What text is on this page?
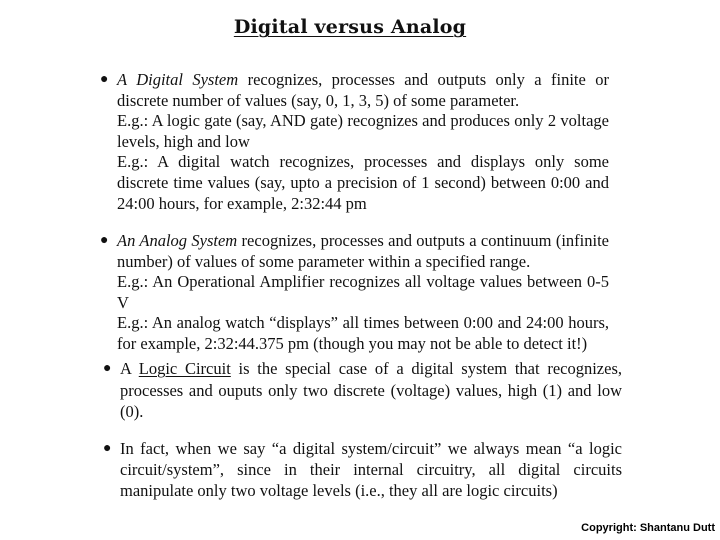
Digital versus Analog
● A Digital System recognizes, processes and outputs only a finite or discrete number of values (say, 0, 1, 3, 5) of some parameter.
E.g.: A logic gate (say, AND gate) recognizes and produces only 2 voltage levels, high and low
E.g.: A digital watch recognizes, processes and displays only some discrete time values (say, upto a precision of 1 second) between 0:00 and 24:00 hours, for example, 2:32:44 pm
● An Analog System recognizes, processes and outputs a continuum (infinite number) of values of some parameter within a specified range.
E.g.: An Operational Amplifier recognizes all voltage values between 0-5 V
E.g.: An analog watch “displays” all times between 0:00 and 24:00 hours, for example, 2:32:44.375 pm (though you may not be able to detect it!)
● A Logic Circuit is the special case of a digital system that recognizes, processes and ouputs only two discrete (voltage) values, high (1) and low (0).
● In fact, when we say “a digital system/circuit” we always mean “a logic circuit/system”, since in their internal circuitry, all digital circuits manipulate only two voltage levels (i.e., they all are logic circuits)
Copyright: Shantanu Dutt
